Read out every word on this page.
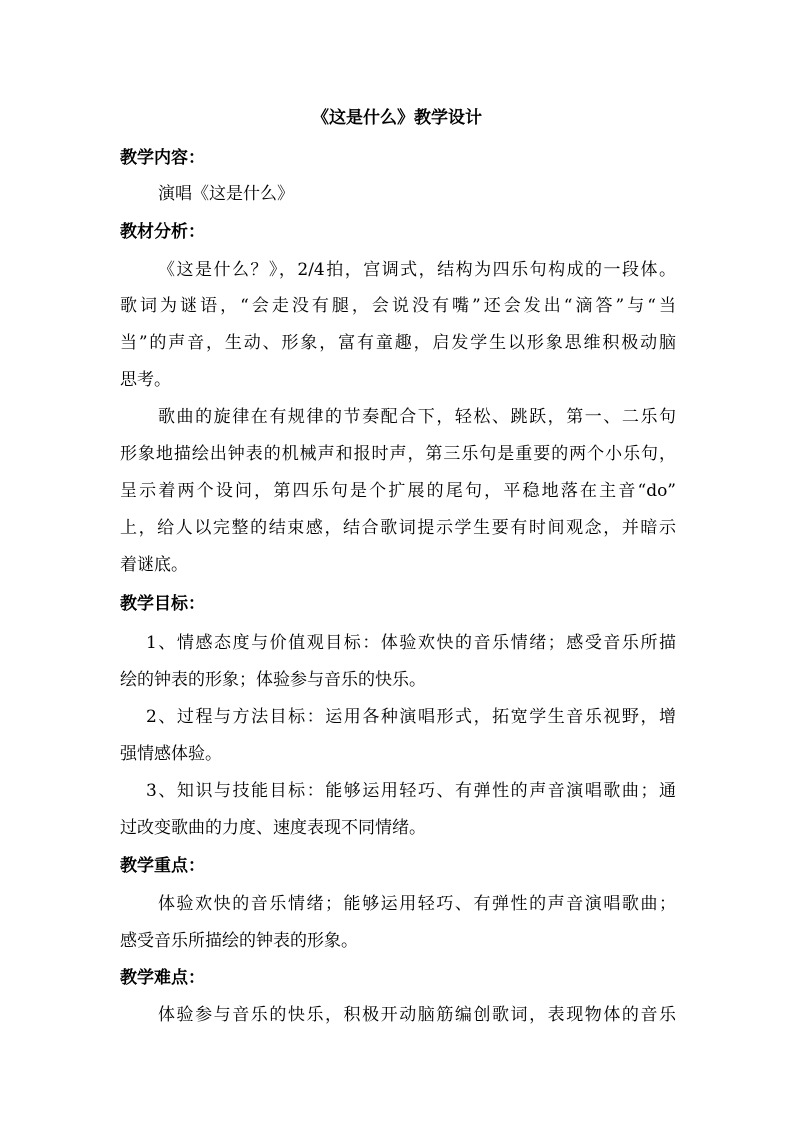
《这是什么》教学设计
教学内容：
演唱《这是什么》
教材分析：
《这是什么？》，2/4拍，宫调式，结构为四乐句构成的一段体。
歌词为谜语，“会走没有腿，会说没有嘴”还会发出“滴答”与“当
当”的声音，生动、形象，富有童趣，启发学生以形象思维积极动脑
思考。
歌曲的旋律在有规律的节奏配合下，轻松、跳跃，第一、二乐句
形象地描绘出钟表的机械声和报时声，第三乐句是重要的两个小乐句，
呈示着两个设问，第四乐句是个扩展的尾句，平稳地落在主音“do”
上，给人以完整的结束感，结合歌词提示学生要有时间观念，并暗示
着谜底。
教学目标：
1、情感态度与价值观目标：体验欢快的音乐情绪；感受音乐所描
绘的钟表的形象；体验参与音乐的快乐。
2、过程与方法目标：运用各种演唱形式，拓宽学生音乐视野，增
强情感体验。
3、知识与技能目标：能够运用轻巧、有弹性的声音演唱歌曲；通
过改变歌曲的力度、速度表现不同情绪。
教学重点：
体验欢快的音乐情绪；能够运用轻巧、有弹性的声音演唱歌曲；
感受音乐所描绘的钟表的形象。
教学难点：
体验参与音乐的快乐，积极开动脑筋编创歌词，表现物体的音乐
